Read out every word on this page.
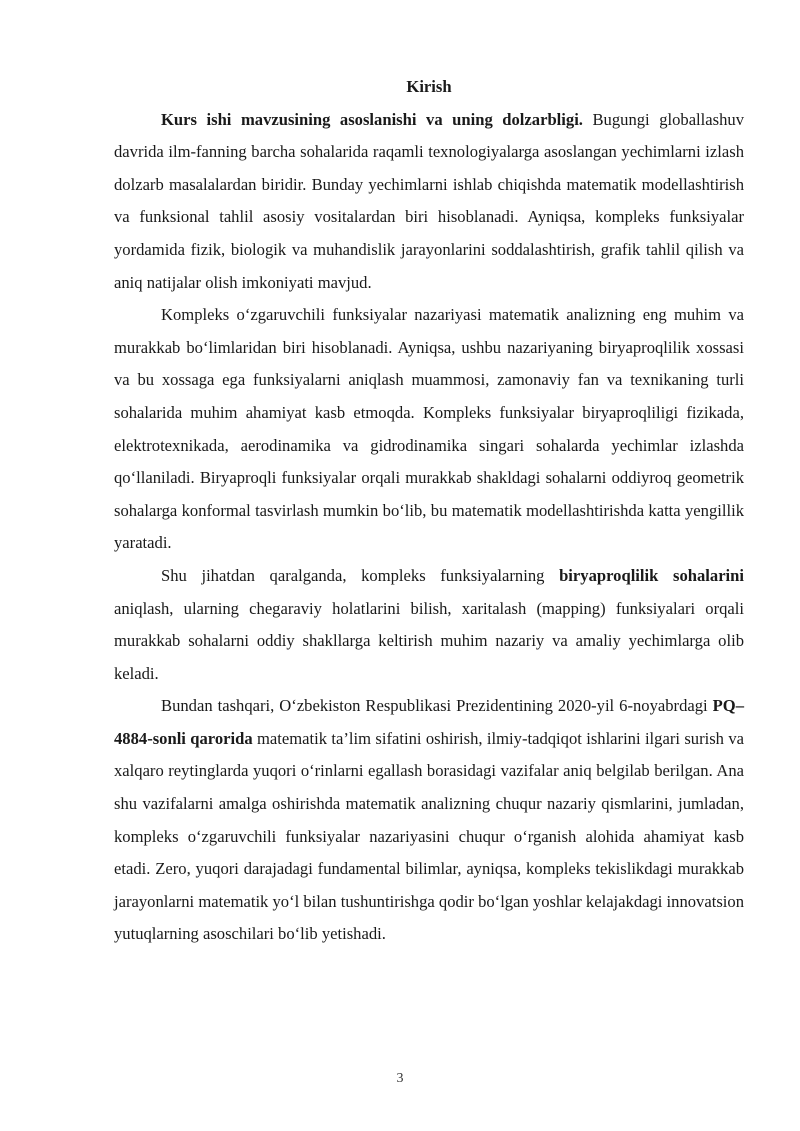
Kirish

Kurs ishi mavzusining asoslanishi va uning dolzarbligi. Bugungi globallashuv davrida ilm-fanning barcha sohalarida raqamli texnologiyalarga asoslangan yechimlarni izlash dolzarb masalalardan biridir. Bunday yechimlarni ishlab chiqishda matematik modellashtirish va funksional tahlil asosiy vositalardan biri hisoblanadi. Ayniqsa, kompleks funksiyalar yordamida fizik, biologik va muhandislik jarayonlarini soddalashtirish, grafik tahlil qilish va aniq natijalar olish imkoniyati mavjud.

Kompleks o‘zgaruvchili funksiyalar nazariyasi matematik analizning eng muhim va murakkab bo‘limlaridan biri hisoblanadi. Ayniqsa, ushbu nazariyaning biryaproqlilik xossasi va bu xossaga ega funksiyalarni aniqlash muammosi, zamonaviy fan va texnikaning turli sohalarida muhim ahamiyat kasb etmoqda. Kompleks funksiyalar biryaproqliligi fizikada, elektrotexnikada, aerodinamika va gidrodinamika singari sohalarda yechimlar izlashda qo‘llaniladi. Biryaproqli funksiyalar orqali murakkab shakldagi sohalarni oddiyroq geometrik sohalarga konformal tasvirlash mumkin bo‘lib, bu matematik modellashtirishda katta yengillik yaratadi.

Shu jihatdan qaralganda, kompleks funksiyalarning biryaproqlilik sohalarini aniqlash, ularning chegaraviy holatlarini bilish, xaritalash (mapping) funksiyalari orqali murakkab sohalarni oddiy shakllarga keltirish muhim nazariy va amaliy yechimlarga olib keladi.

Bundan tashqari, O‘zbekiston Respublikasi Prezidentining 2020-yil 6-noyabrdagi PQ–4884-sonli qarorida matematik ta’lim sifatini oshirish, ilmiy-tadqiqot ishlarini ilgari surish va xalqaro reytinglarda yuqori o‘rinlarni egallash borasidagi vazifalar aniq belgilab berilgan. Ana shu vazifalarni amalga oshirishda matematik analizning chuqur nazariy qismlarini, jumladan, kompleks o‘zgaruvchili funksiyalar nazariyasini chuqur o‘rganish alohida ahamiyat kasb etadi. Zero, yuqori darajadagi fundamental bilimlar, ayniqsa, kompleks tekislikdagi murakkab jarayonlarni matematik yo‘l bilan tushuntirishga qodir bo‘lgan yoshlar kelajakdagi innovatsion yutuqlarning asoschilari bo‘lib yetishadi.

3
